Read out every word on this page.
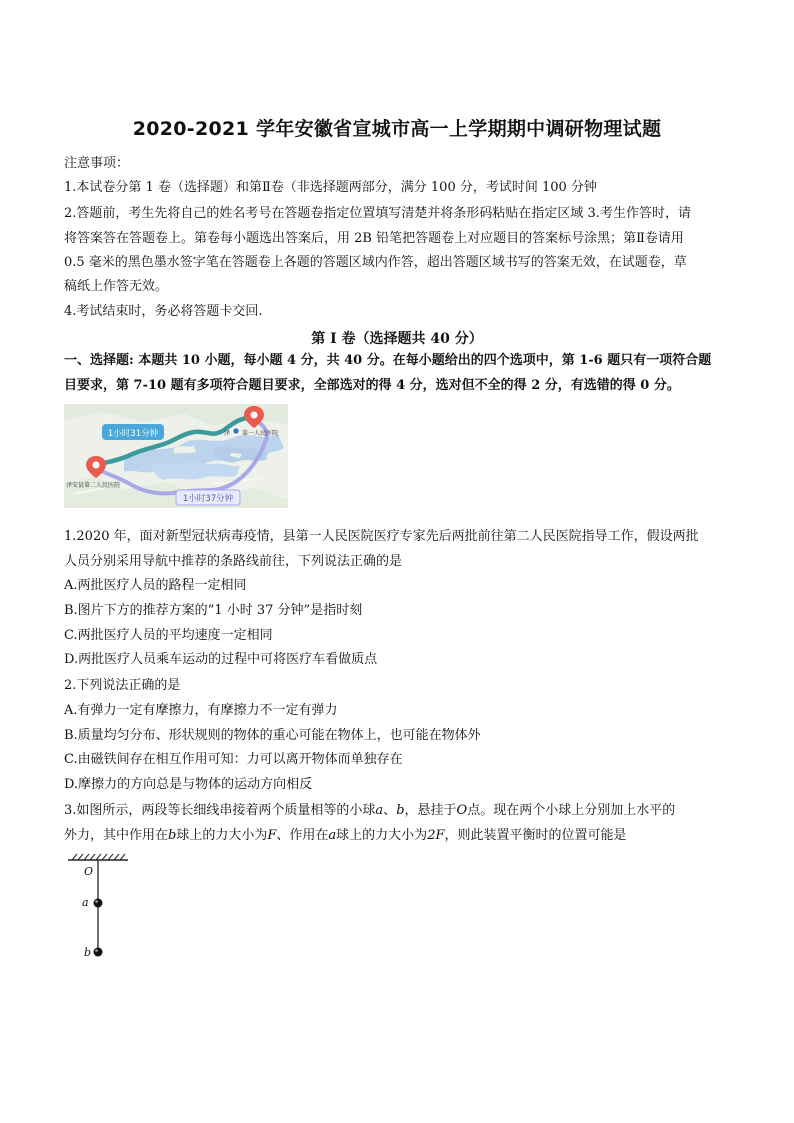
2020-2021 学年安徽省宣城市高一上学期期中调研物理试题
注意事项：
1.本试卷分第 1 卷（选择题）和第Ⅱ卷（非选择题两部分，满分 100 分，考试时间 100 分钟
2.答题前，考生先将自己的姓名考号在答题卷指定位置填写清楚并将条形码粘贴在指定区域 3.考生作答时，请
将答案答在答题卷上。第卷每小题选出答案后，用 2B 铅笔把答题卷上对应题目的答案标号涂黑；第Ⅱ卷请用
0.5 毫米的黑色墨水签字笔在答题卷上各题的答题区域内作答，超出答题区域书写的答案无效，在试题卷，草
稿纸上作答无效。
4.考试结束时，务必将答题卡交回.
第 I 卷（选择题共 40 分）
一、选择题: 本题共 10 小题，每小题 4 分，共 40 分。在每小题给出的四个选项中，第 1-6 题只有一项符合题
目要求，第 7-10 题有多项符合题目要求，全部选对的得 4 分，选对但不全的得 2 分，有选错的得 0 分。
1小时31分钟
1小时37分钟
泽 第一人民医院
泽安县第二人民医院
1.2020 年，面对新型冠状病毒疫情，县第一人民医院医疗专家先后两批前往第二人民医院指导工作，假设两批
人员分别采用导航中推荐的条路线前往，下列说法正确的是
A.两批医疗人员的路程一定相同
B.图片下方的推荐方案的“1 小时 37 分钟”是指时刻
C.两批医疗人员的平均速度一定相同
D.两批医疗人员乘车运动的过程中可将医疗车看做质点
2.下列说法正确的是
A.有弹力一定有摩擦力，有摩擦力不一定有弹力
B.质量均匀分布、形状规则的物体的重心可能在物体上，也可能在物体外
C.由磁铁间存在相互作用可知：力可以离开物体而单独存在
D.摩擦力的方向总是与物体的运动方向相反
3.如图所示，两段等长细线串接着两个质量相等的小球a、b，悬挂于O点。现在两个小球上分别加上水平的
外力，其中作用在b球上的力大小为F、作用在a球上的力大小为2F，则此装置平衡时的位置可能是
O
a
b
